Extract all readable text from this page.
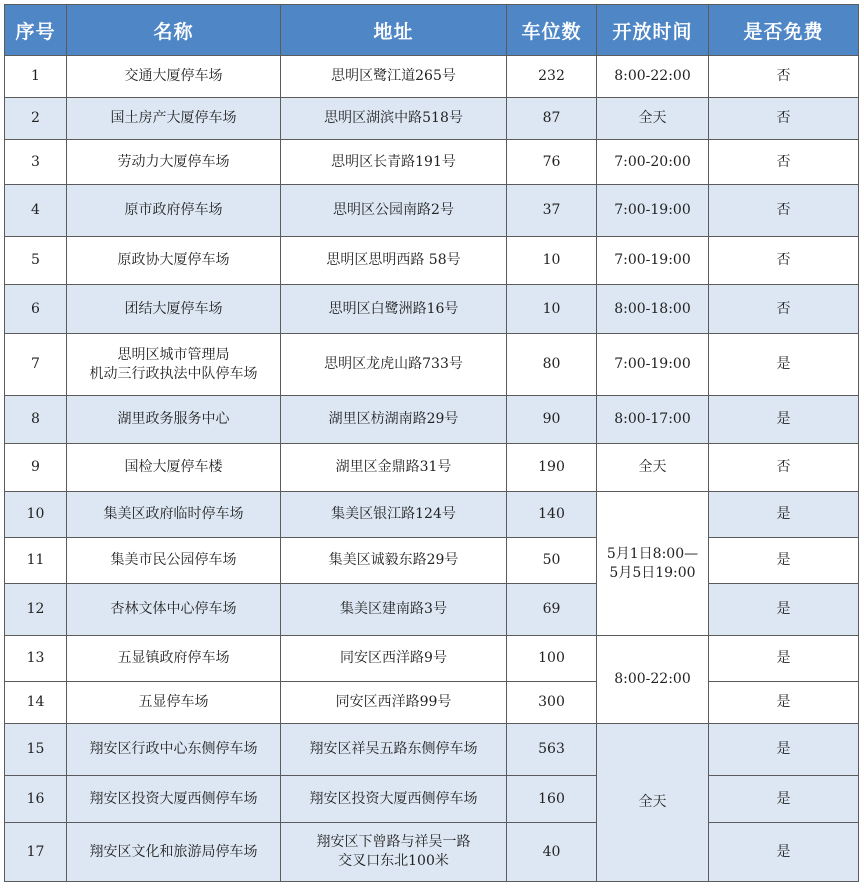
序号	名称	地址	车位数	开放时间	是否免费
1	交通大厦停车场	思明区鹭江道265号	232	8:00-22:00	否
2	国土房产大厦停车场	思明区湖滨中路518号	87	全天	否
3	劳动力大厦停车场	思明区长青路191号	76	7:00-20:00	否
4	原市政府停车场	思明区公园南路2号	37	7:00-19:00	否
5	原政协大厦停车场	思明区思明西路 58号	10	7:00-19:00	否
6	团结大厦停车场	思明区白鹭洲路16号	10	8:00-18:00	否
7	思明区城市管理局
机动三行政执法中队停车场	思明区龙虎山路733号	80	7:00-19:00	是
8	湖里政务服务中心	湖里区枋湖南路29号	90	8:00-17:00	是
9	国检大厦停车楼	湖里区金鼎路31号	190	全天	否
10	集美区政府临时停车场	集美区银江路124号	140	5月1日8:00—
5月5日19:00	是
11	集美市民公园停车场	集美区诚毅东路29号	50		是
12	杏林文体中心停车场	集美区建南路3号	69		是
13	五显镇政府停车场	同安区西洋路9号	100	8:00-22:00	是
14	五显停车场	同安区西洋路99号	300		是
15	翔安区行政中心东侧停车场	翔安区祥吴五路东侧停车场	563	全天	是
16	翔安区投资大厦西侧停车场	翔安区投资大厦西侧停车场	160		是
17	翔安区文化和旅游局停车场	翔安区下曾路与祥吴一路
交叉口东北100米	40		是
